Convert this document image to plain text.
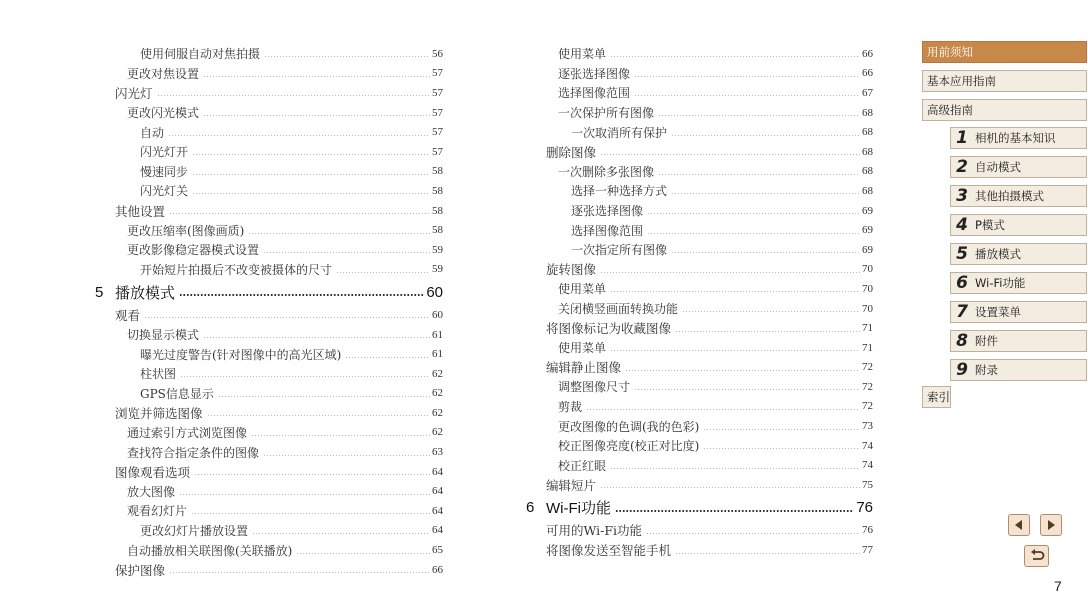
使用伺服自动对焦拍摄	56
更改对焦设置	57
闪光灯	57
更改闪光模式	57
自动	57
闪光灯开	57
慢速同步	58
闪光灯关	58
其他设置	58
更改压缩率(图像画质)	58
更改影像稳定器模式设置	59
开始短片拍摄后不改变被摄体的尺寸	59
5 播放模式	60
观看	60
切换显示模式	61
曝光过度警告(针对图像中的高光区域)	61
柱状图	62
GPS信息显示	62
浏览并筛选图像	62
通过索引方式浏览图像	62
查找符合指定条件的图像	63
图像观看选项	64
放大图像	64
观看幻灯片	64
更改幻灯片播放设置	64
自动播放相关联图像(关联播放)	65
保护图像	66
使用菜单	66
逐张选择图像	66
选择图像范围	67
一次保护所有图像	68
一次取消所有保护	68
删除图像	68
一次删除多张图像	68
选择一种选择方式	68
逐张选择图像	69
选择图像范围	69
一次指定所有图像	69
旋转图像	70
使用菜单	70
关闭横竖画面转换功能	70
将图像标记为收藏图像	71
使用菜单	71
编辑静止图像	72
调整图像尺寸	72
剪裁	72
更改图像的色调(我的色彩)	73
校正图像亮度(校正对比度)	74
校正红眼	74
编辑短片	75
6 Wi-Fi功能	76
可用的Wi-Fi功能	76
将图像发送至智能手机	77
7
用前须知
基本应用指南
高级指南
1 相机的基本知识
2 自动模式
3 其他拍摄模式
4 P模式
5 播放模式
6 Wi-Fi功能
7 设置菜单
8 附件
9 附录
索引
